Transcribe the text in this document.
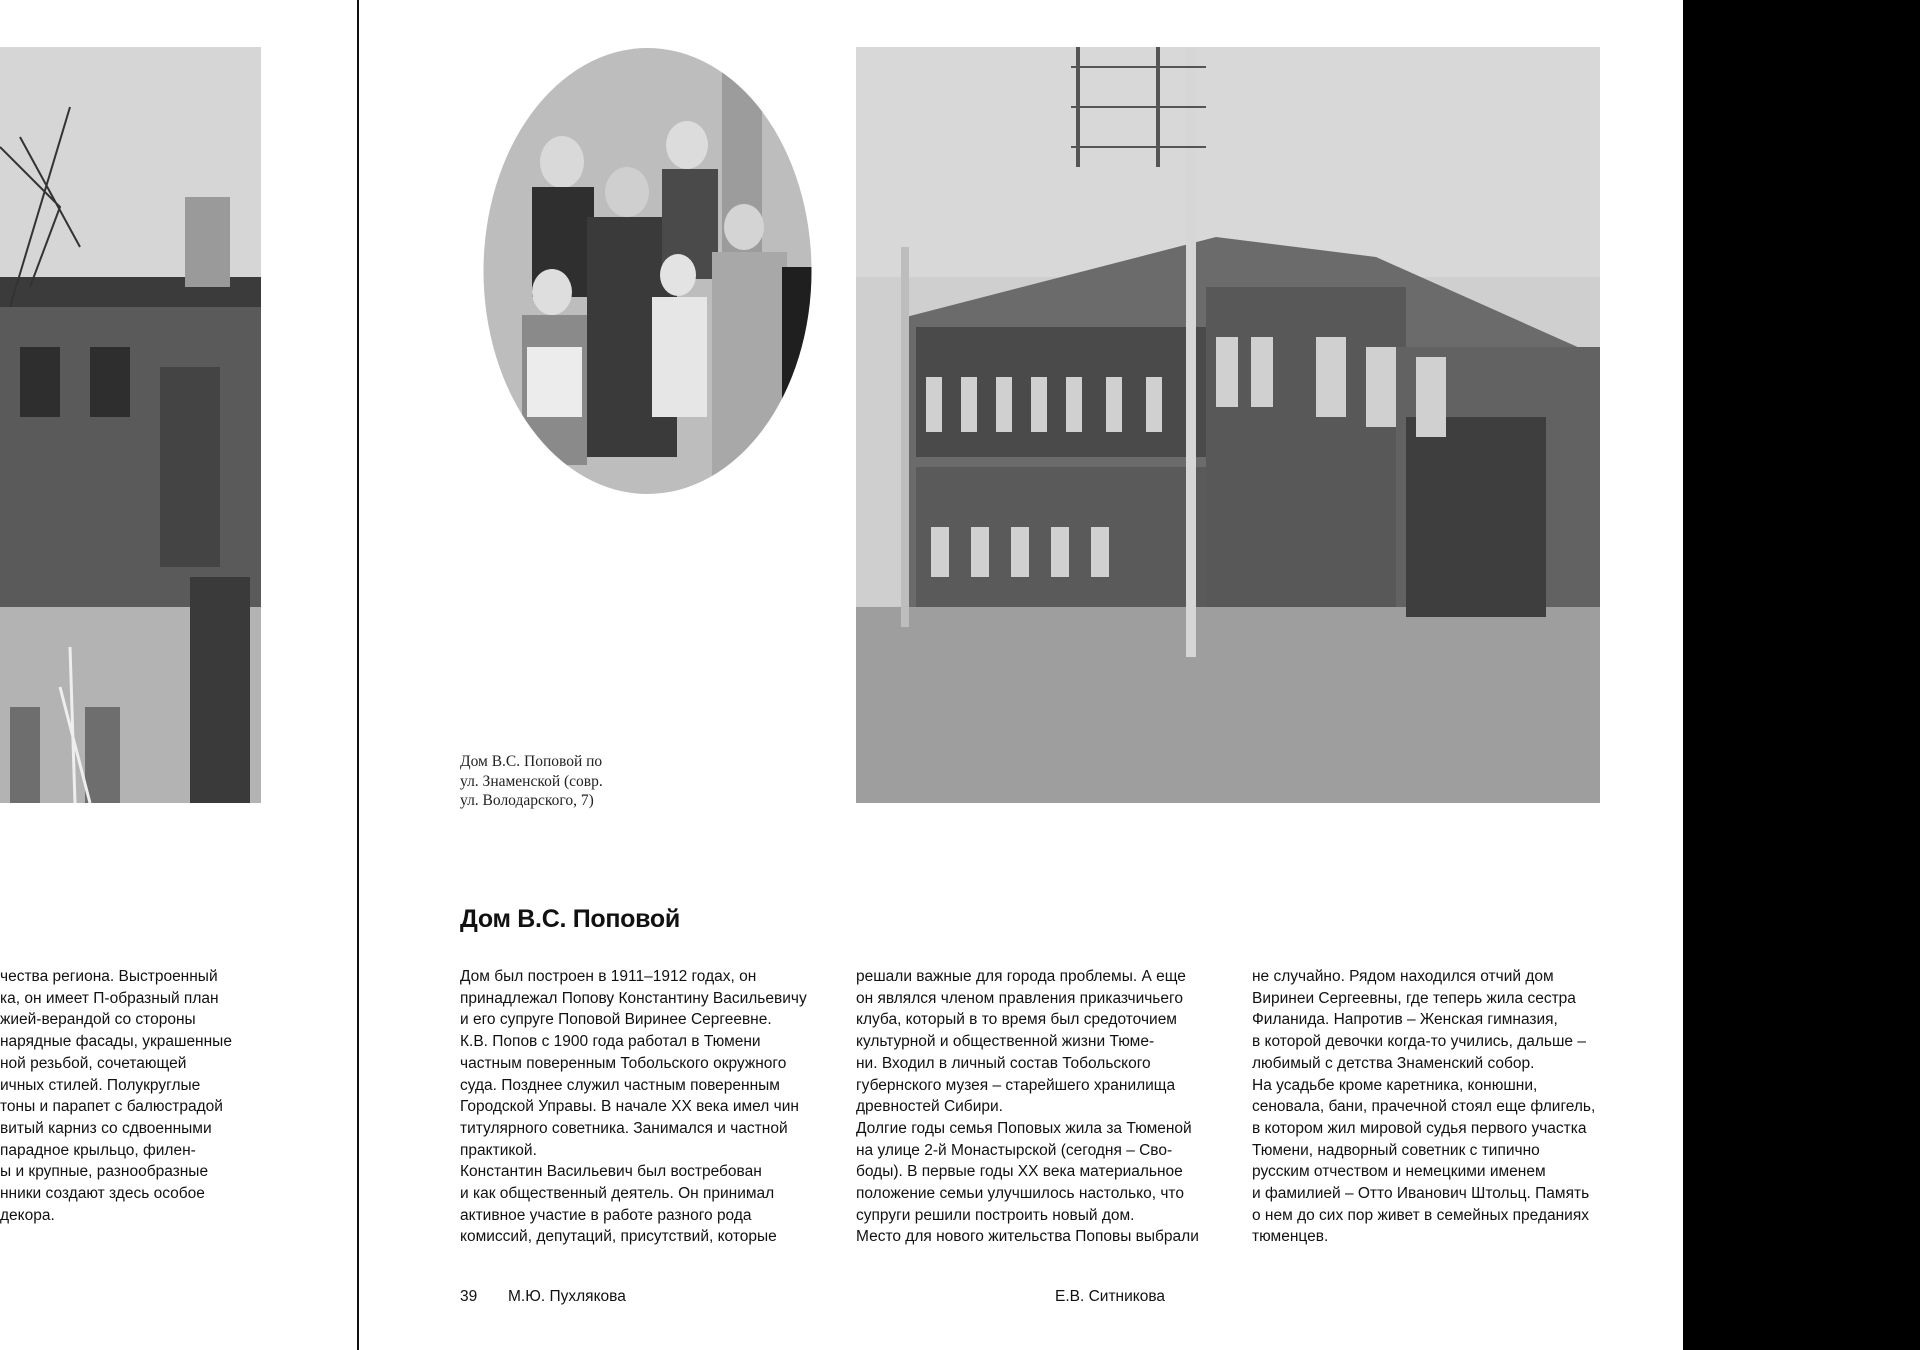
чества региона. Выстроенный
ка, он имеет П-образный план
жией-верандой со стороны
нарядные фасады, украшенные
ной резьбой, сочетающей
ичных стилей. Полукруглые
тоны и парапет с балюстрадой
витый карниз со сдвоенными
парадное крыльцо, филен-
ы и крупные, разнообразные
нники создают здесь особое
декора.
Дом В.С. Поповой по
ул. Знаменской (совр.
ул. Володарского, 7)
Дом В.С. Поповой
Дом был построен в 1911–1912 годах, он
принадлежал Попову Константину Васильевичу
и его супруге Поповой Виринее Сергеевне.
К.В. Попов с 1900 года работал в Тюмени
частным поверенным Тобольского окружного
суда. Позднее служил частным поверенным
Городской Управы. В начале XX века имел чин
титулярного советника. Занимался и частной
практикой.
Константин Васильевич был востребован
и как общественный деятель. Он принимал
активное участие в работе разного рода
комиссий, депутаций, присутствий, которые
решали важные для города проблемы. А еще
он являлся членом правления приказчичьего
клуба, который в то время был средоточием
культурной и общественной жизни Тюме-
ни. Входил в личный состав Тобольского
губернского музея – старейшего хранилища
древностей Сибири.
Долгие годы семья Поповых жила за Тюменой
на улице 2-й Монастырской (сегодня – Сво-
боды). В первые годы XX века материальное
положение семьи улучшилось настолько, что
супруги решили построить новый дом.
Место для нового жительства Поповы выбрали
не случайно. Рядом находился отчий дом
Виринеи Сергеевны, где теперь жила сестра
Филанида. Напротив – Женская гимназия,
в которой девочки когда-то учились, дальше –
любимый с детства Знаменский собор.
На усадьбе кроме каретника, конюшни,
сеновала, бани, прачечной стоял еще флигель,
в котором жил мировой судья первого участка
Тюмени, надворный советник с типично
русским отчеством и немецкими именем
и фамилией – Отто Иванович Штольц. Память
о нем до сих пор живет в семейных преданиях
тюменцев.
39 М.Ю. Пухлякова	Е.В. Ситникова
